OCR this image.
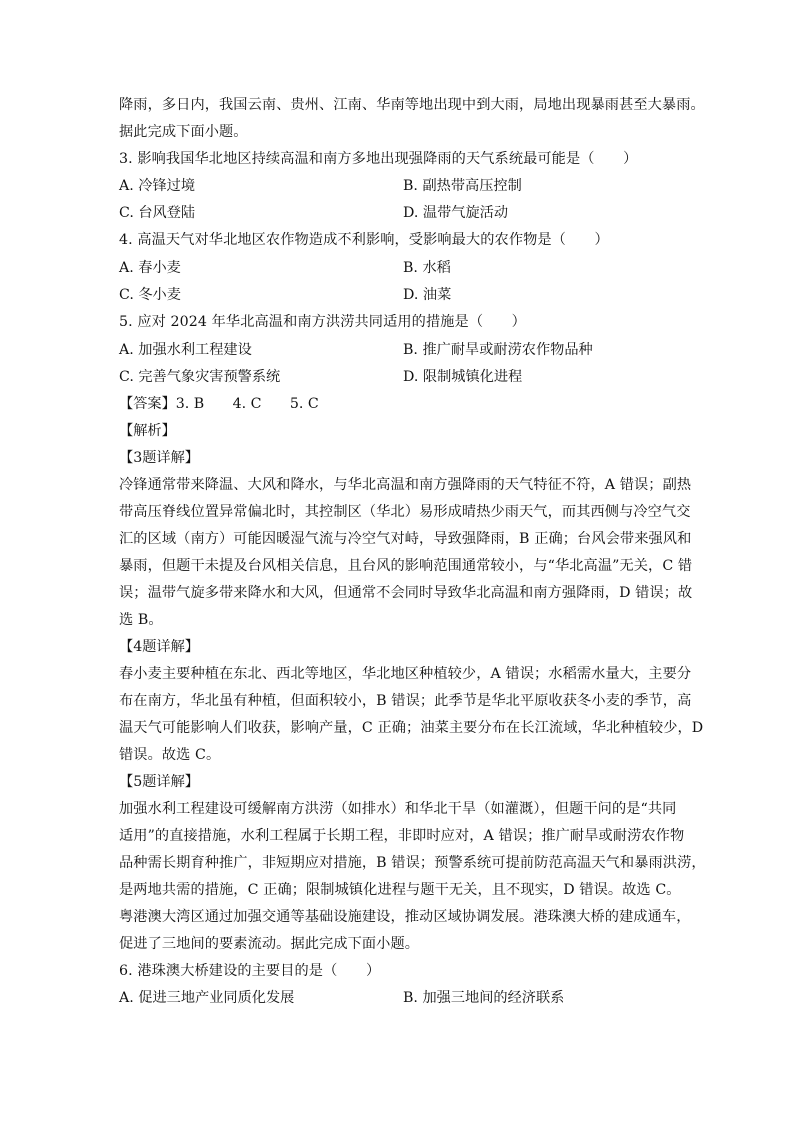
降雨，多日内，我国云南、贵州、江南、华南等地出现中到大雨，局地出现暴雨甚至大暴雨。
据此完成下面小题。
3. 影响我国华北地区持续高温和南方多地出现强降雨的天气系统最可能是（　　）
A. 冷锋过境	B. 副热带高压控制
C. 台风登陆	D. 温带气旋活动
4. 高温天气对华北地区农作物造成不利影响，受影响最大的农作物是（　　）
A. 春小麦	B. 水稻
C. 冬小麦	D. 油菜
5. 应对 2024 年华北高温和南方洪涝共同适用的措施是（　　）
A. 加强水利工程建设	B. 推广耐旱或耐涝农作物品种
C. 完善气象灾害预警系统	D. 限制城镇化进程
【答案】3. B　　4. C　　5. C
【解析】
【3题详解】
冷锋通常带来降温、大风和降水，与华北高温和南方强降雨的天气特征不符，A 错误；副热
带高压脊线位置异常偏北时，其控制区（华北）易形成晴热少雨天气，而其西侧与冷空气交
汇的区域（南方）可能因暖湿气流与冷空气对峙，导致强降雨，B 正确；台风会带来强风和
暴雨，但题干未提及台风相关信息，且台风的影响范围通常较小，与“华北高温”无关，C 错
误；温带气旋多带来降水和大风，但通常不会同时导致华北高温和南方强降雨，D 错误；故
选 B。
【4题详解】
春小麦主要种植在东北、西北等地区，华北地区种植较少，A 错误；水稻需水量大，主要分
布在南方，华北虽有种植，但面积较小，B 错误；此季节是华北平原收获冬小麦的季节，高
温天气可能影响人们收获，影响产量，C 正确；油菜主要分布在长江流域，华北种植较少，D
错误。故选 C。
【5题详解】
加强水利工程建设可缓解南方洪涝（如排水）和华北干旱（如灌溉），但题干问的是“共同
适用”的直接措施，水利工程属于长期工程，非即时应对，A 错误；推广耐旱或耐涝农作物
品种需长期育种推广，非短期应对措施，B 错误；预警系统可提前防范高温天气和暴雨洪涝，
是两地共需的措施，C 正确；限制城镇化进程与题干无关，且不现实，D 错误。故选 C。
粤港澳大湾区通过加强交通等基础设施建设，推动区域协调发展。港珠澳大桥的建成通车，
促进了三地间的要素流动。据此完成下面小题。
6. 港珠澳大桥建设的主要目的是（　　）
A. 促进三地产业同质化发展	B. 加强三地间的经济联系
